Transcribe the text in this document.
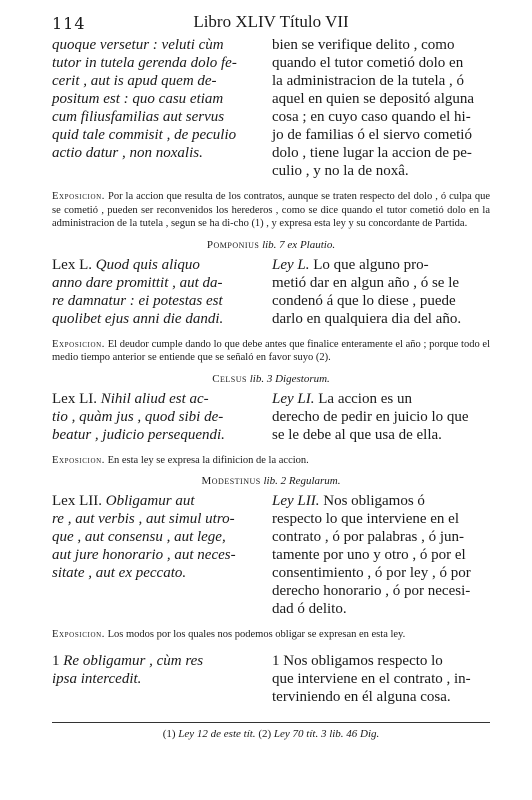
114	Libro XLIV Título VII

quoque versetur : veluti cùm
tutor in tutela gerenda dolo fe-
cerit , aut is apud quem de-
positum est : quo casu etiam
cum filiusfamilias aut servus
quid tale commisit , de peculio
actio datur , non noxalis.

bien se verifique delito , como
quando el tutor cometió dolo en
la administracion de la tutela , ó
aquel en quien se depositó alguna
cosa ; en cuyo caso quando el hi-
jo de familias ó el siervo cometió
dolo , tiene lugar la accion de pe-
culio , y no la de noxâ.

Exposicion. Por la accion que resulta de los contratos, aunque se traten respecto del dolo , ó culpa que se cometió , pueden ser reconvenidos los herederos , como se dice quando el tutor cometió dolo en la administracion de la tutela , segun se ha di-cho (1) , y expresa esta ley y su concordante de Partida.

Pomponius lib. 7 ex Plautio.

Lex L. Quod quis aliquo
anno dare promittit , aut da-
re damnatur : ei potestas est
quolibet ejus anni die dandi.

Ley L. Lo que alguno pro-
metió dar en algun año , ó se le
condenó á que lo diese , puede
darlo en qualquiera dia del año.

Exposicion. El deudor cumple dando lo que debe antes que finalice enteramente el año ; porque todo el medio tiempo anterior se entiende que se señaló en favor suyo (2).

Celsus lib. 3 Digestorum.

Lex LI. Nihil aliud est ac-
tio , quàm jus , quod sibi de-
beatur , judicio persequendi.

Ley LI. La accion es un
derecho de pedir en juicio lo que
se le debe al que usa de ella.

Exposicion. En esta ley se expresa la difinicion de la accion.

Modestinus lib. 2 Regularum.

Lex LII. Obligamur aut
re , aut verbis , aut simul utro-
que , aut consensu , aut lege,
aut jure honorario , aut neces-
sitate , aut ex peccato.

Ley LII. Nos obligamos ó
respecto lo que interviene en el
contrato , ó por palabras , ó jun-
tamente por uno y otro , ó por el
consentimiento , ó por ley , ó por
derecho honorario , ó por necesi-
dad ó delito.

Exposicion. Los modos por los quales nos podemos obligar se expresan en esta ley.

1 Re obligamur , cùm res
ipsa intercedit.

1 Nos obligamos respecto lo
que interviene en el contrato , in-
terviniendo en él alguna cosa.

(1) Ley 12 de este tít. (2) Ley 70 tít. 3 lib. 46 Dig.
